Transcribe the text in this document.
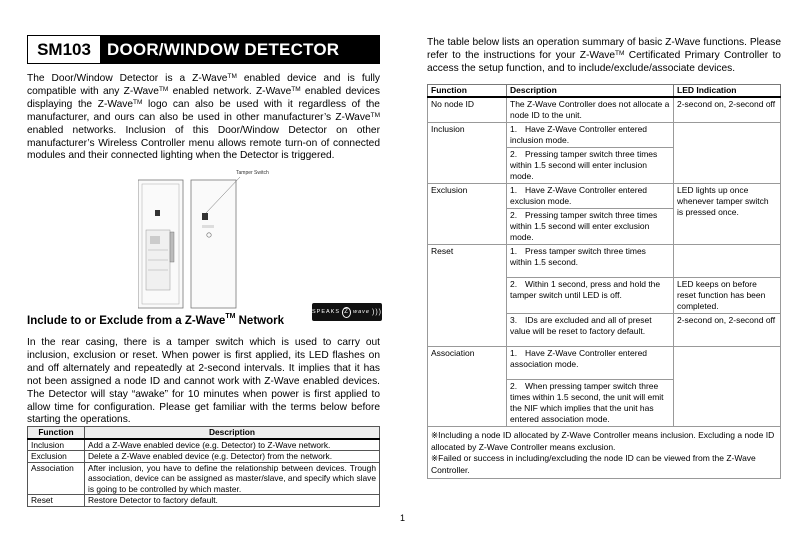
SM103 DOOR/WINDOW DETECTOR
The Door/Window Detector is a Z-Wave™ enabled device and is fully compatible with any Z-Wave™ enabled network. Z-Wave™ enabled devices displaying the Z-Wave™ logo can also be used with it regardless of the manufacturer, and ours can also be used in other manufacturer’s Z-Wave™ enabled networks. Inclusion of this Door/Window Detector on other manufacturer’s Wireless Controller menu allows remote turn-on of connected modules and their connected lighting when the Detector is triggered.
Tamper Switch
SPEAKS Z wave )))
Include to or Exclude from a Z-Wave™ Network
In the rear casing, there is a tamper switch which is used to carry out inclusion, exclusion or reset. When power is first applied, its LED flashes on and off alternately and repeatedly at 2-second intervals. It implies that it has not been assigned a node ID and cannot work with Z-Wave enabled devices. The Detector will stay “awake” for 10 minutes when power is first applied to allow time for configuration. Please get familiar with the terms below before starting the operations.
Function	Description
Inclusion	Add a Z-Wave enabled device (e.g. Detector) to Z-Wave network.
Exclusion	Delete a Z-Wave enabled device (e.g. Detector) from the network.
Association	After inclusion, you have to define the relationship between devices. Trough association, device can be assigned as master/slave, and specify which slave is going to be controlled by which master.
Reset	Restore Detector to factory default.
The table below lists an operation summary of basic Z-Wave functions. Please refer to the instructions for your Z-Wave™ Certificated Primary Controller to access the setup function, and to include/exclude/associate devices.
Function	Description	LED Indication
No node ID	The Z-Wave Controller does not allocate a node ID to the unit.	2-second on, 2-second off
Inclusion	1. Have Z-Wave Controller entered inclusion mode.	
	2. Pressing tamper switch three times within 1.5 second will enter inclusion mode.	
Exclusion	1. Have Z-Wave Controller entered exclusion mode.	LED lights up once whenever tamper switch is pressed once.
	2. Pressing tamper switch three times within 1.5 second will enter exclusion mode.	
Reset	1. Press tamper switch three times within 1.5 second.	
	2. Within 1 second, press and hold the tamper switch until LED is off.	LED keeps on before reset function has been completed.
	3. IDs are excluded and all of preset value will be reset to factory default.	2-second on, 2-second off
Association	1. Have Z-Wave Controller entered association mode.	
	2. When pressing tamper switch three times within 1.5 second, the unit will emit the NIF which implies that the unit has entered association mode.	

※Including a node ID allocated by Z-Wave Controller means inclusion. Excluding a node ID allocated by Z-Wave Controller means exclusion.
※Failed or success in including/excluding the node ID can be viewed from the Z-Wave Controller.		
1
